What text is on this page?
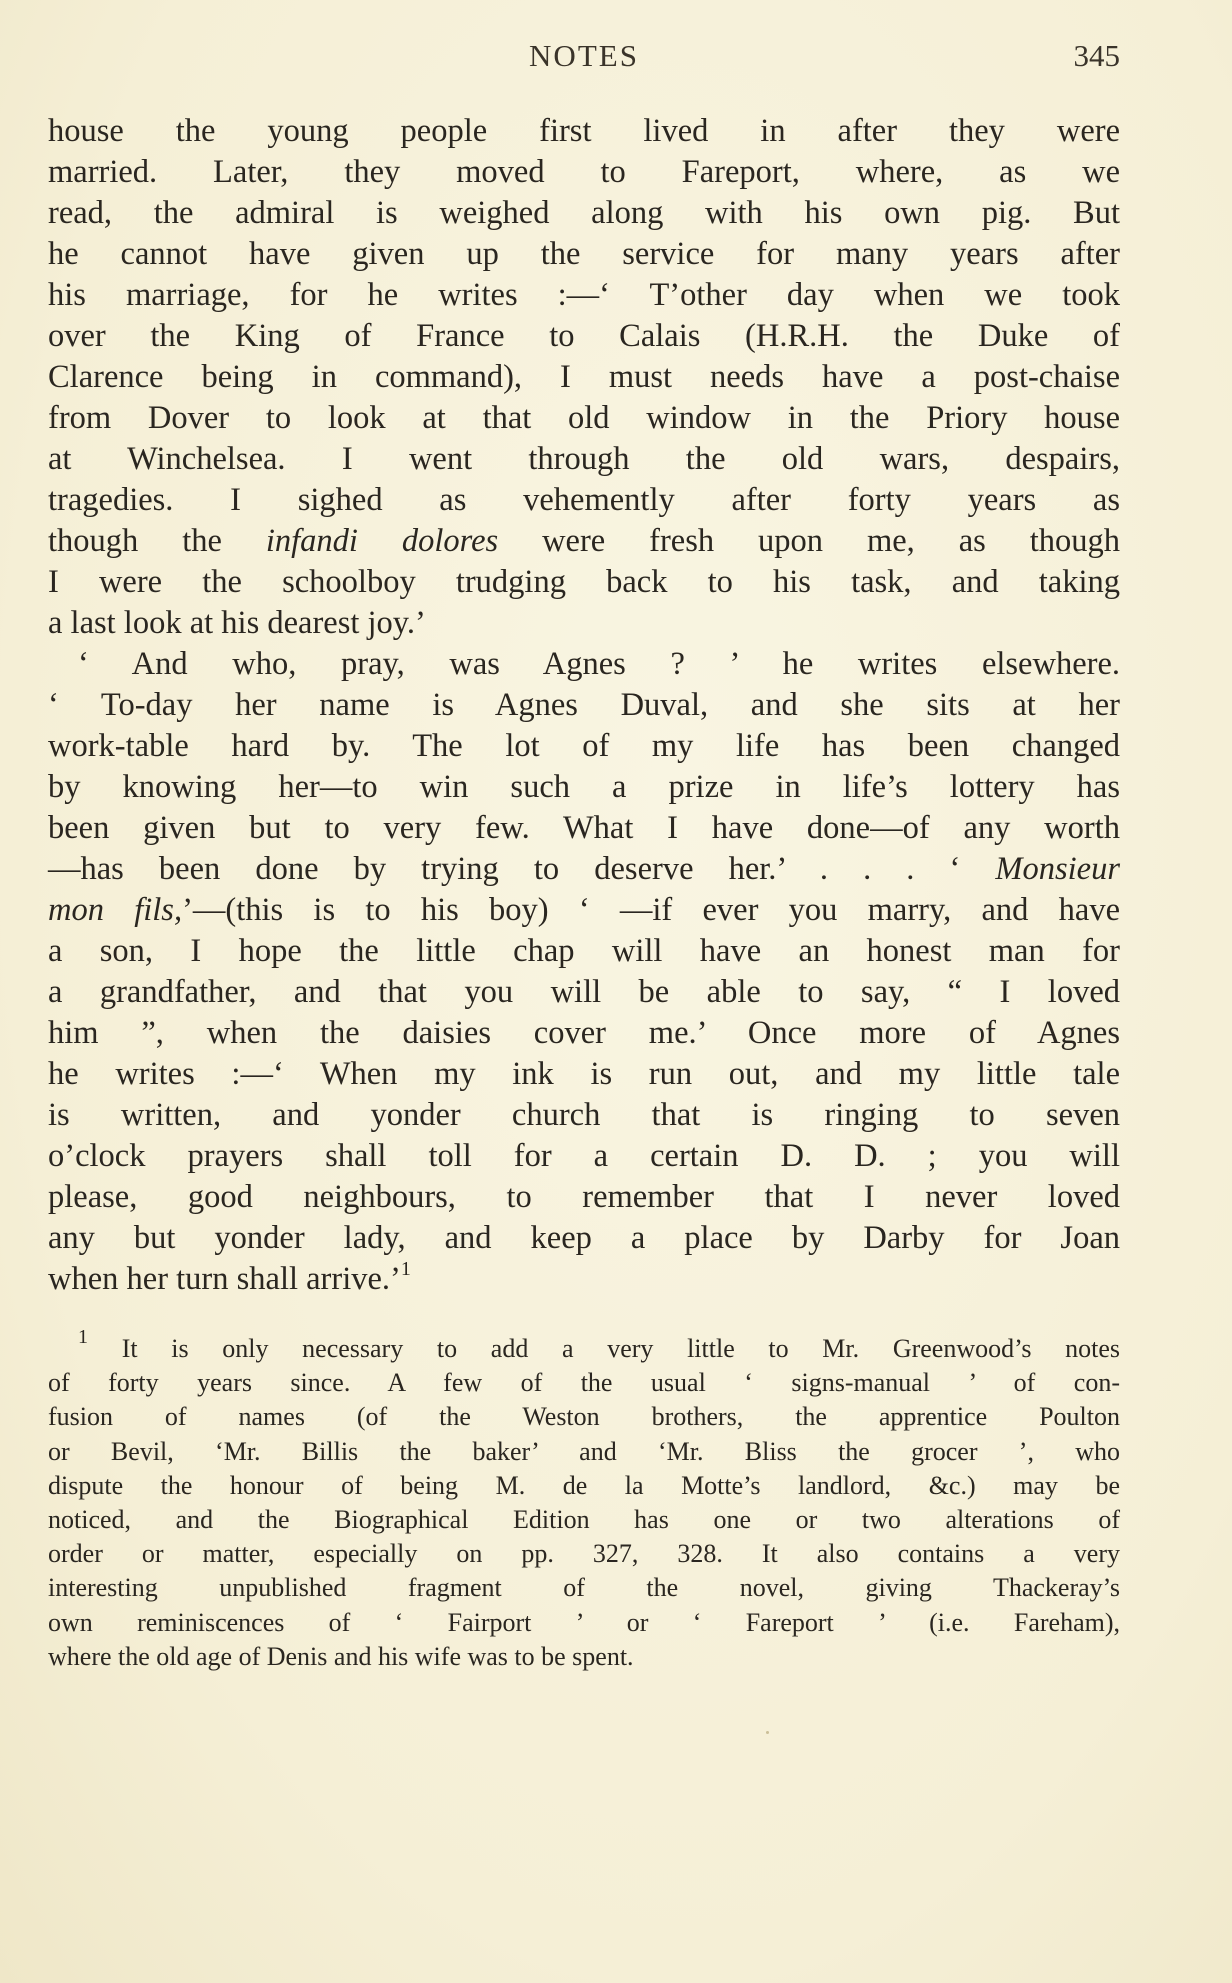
NOTES	345
house the young people first lived in after they were
married. Later, they moved to Fareport, where, as we
read, the admiral is weighed along with his own pig. But
he cannot have given up the service for many years after
his marriage, for he writes :—‘ T’other day when we took
over the King of France to Calais (H.R.H. the Duke of
Clarence being in command), I must needs have a post-chaise
from Dover to look at that old window in the Priory house
at Winchelsea. I went through the old wars, despairs,
tragedies. I sighed as vehemently after forty years as
though the infandi dolores were fresh upon me, as though
I were the schoolboy trudging back to his task, and taking
a last look at his dearest joy.’
‘ And who, pray, was Agnes ? ’ he writes elsewhere.
‘ To-day her name is Agnes Duval, and she sits at her
work-table hard by. The lot of my life has been changed
by knowing her—to win such a prize in life’s lottery has
been given but to very few. What I have done—of any worth
—has been done by trying to deserve her.’ . . . ‘ Monsieur
mon fils,’—(this is to his boy) ‘ —if ever you marry, and have
a son, I hope the little chap will have an honest man for
a grandfather, and that you will be able to say, “ I loved
him ”, when the daisies cover me.’ Once more of Agnes
he writes :—‘ When my ink is run out, and my little tale
is written, and yonder church that is ringing to seven
o’clock prayers shall toll for a certain D. D. ; you will
please, good neighbours, to remember that I never loved
any but yonder lady, and keep a place by Darby for Joan
when her turn shall arrive.’$^1$
$^1$ It is only necessary to add a very little to Mr. Greenwood’s notes
of forty years since. A few of the usual ‘ signs-manual ’ of con-
fusion of names (of the Weston brothers, the apprentice Poulton
or Bevil, ‘Mr. Billis the baker’ and ‘Mr. Bliss the grocer ’, who
dispute the honour of being M. de la Motte’s landlord, &c.) may be
noticed, and the Biographical Edition has one or two alterations of
order or matter, especially on pp. 327, 328. It also contains a very
interesting unpublished fragment of the novel, giving Thackeray’s
own reminiscences of ‘ Fairport ’ or ‘ Fareport ’ (i.e. Fareham),
where the old age of Denis and his wife was to be spent.
